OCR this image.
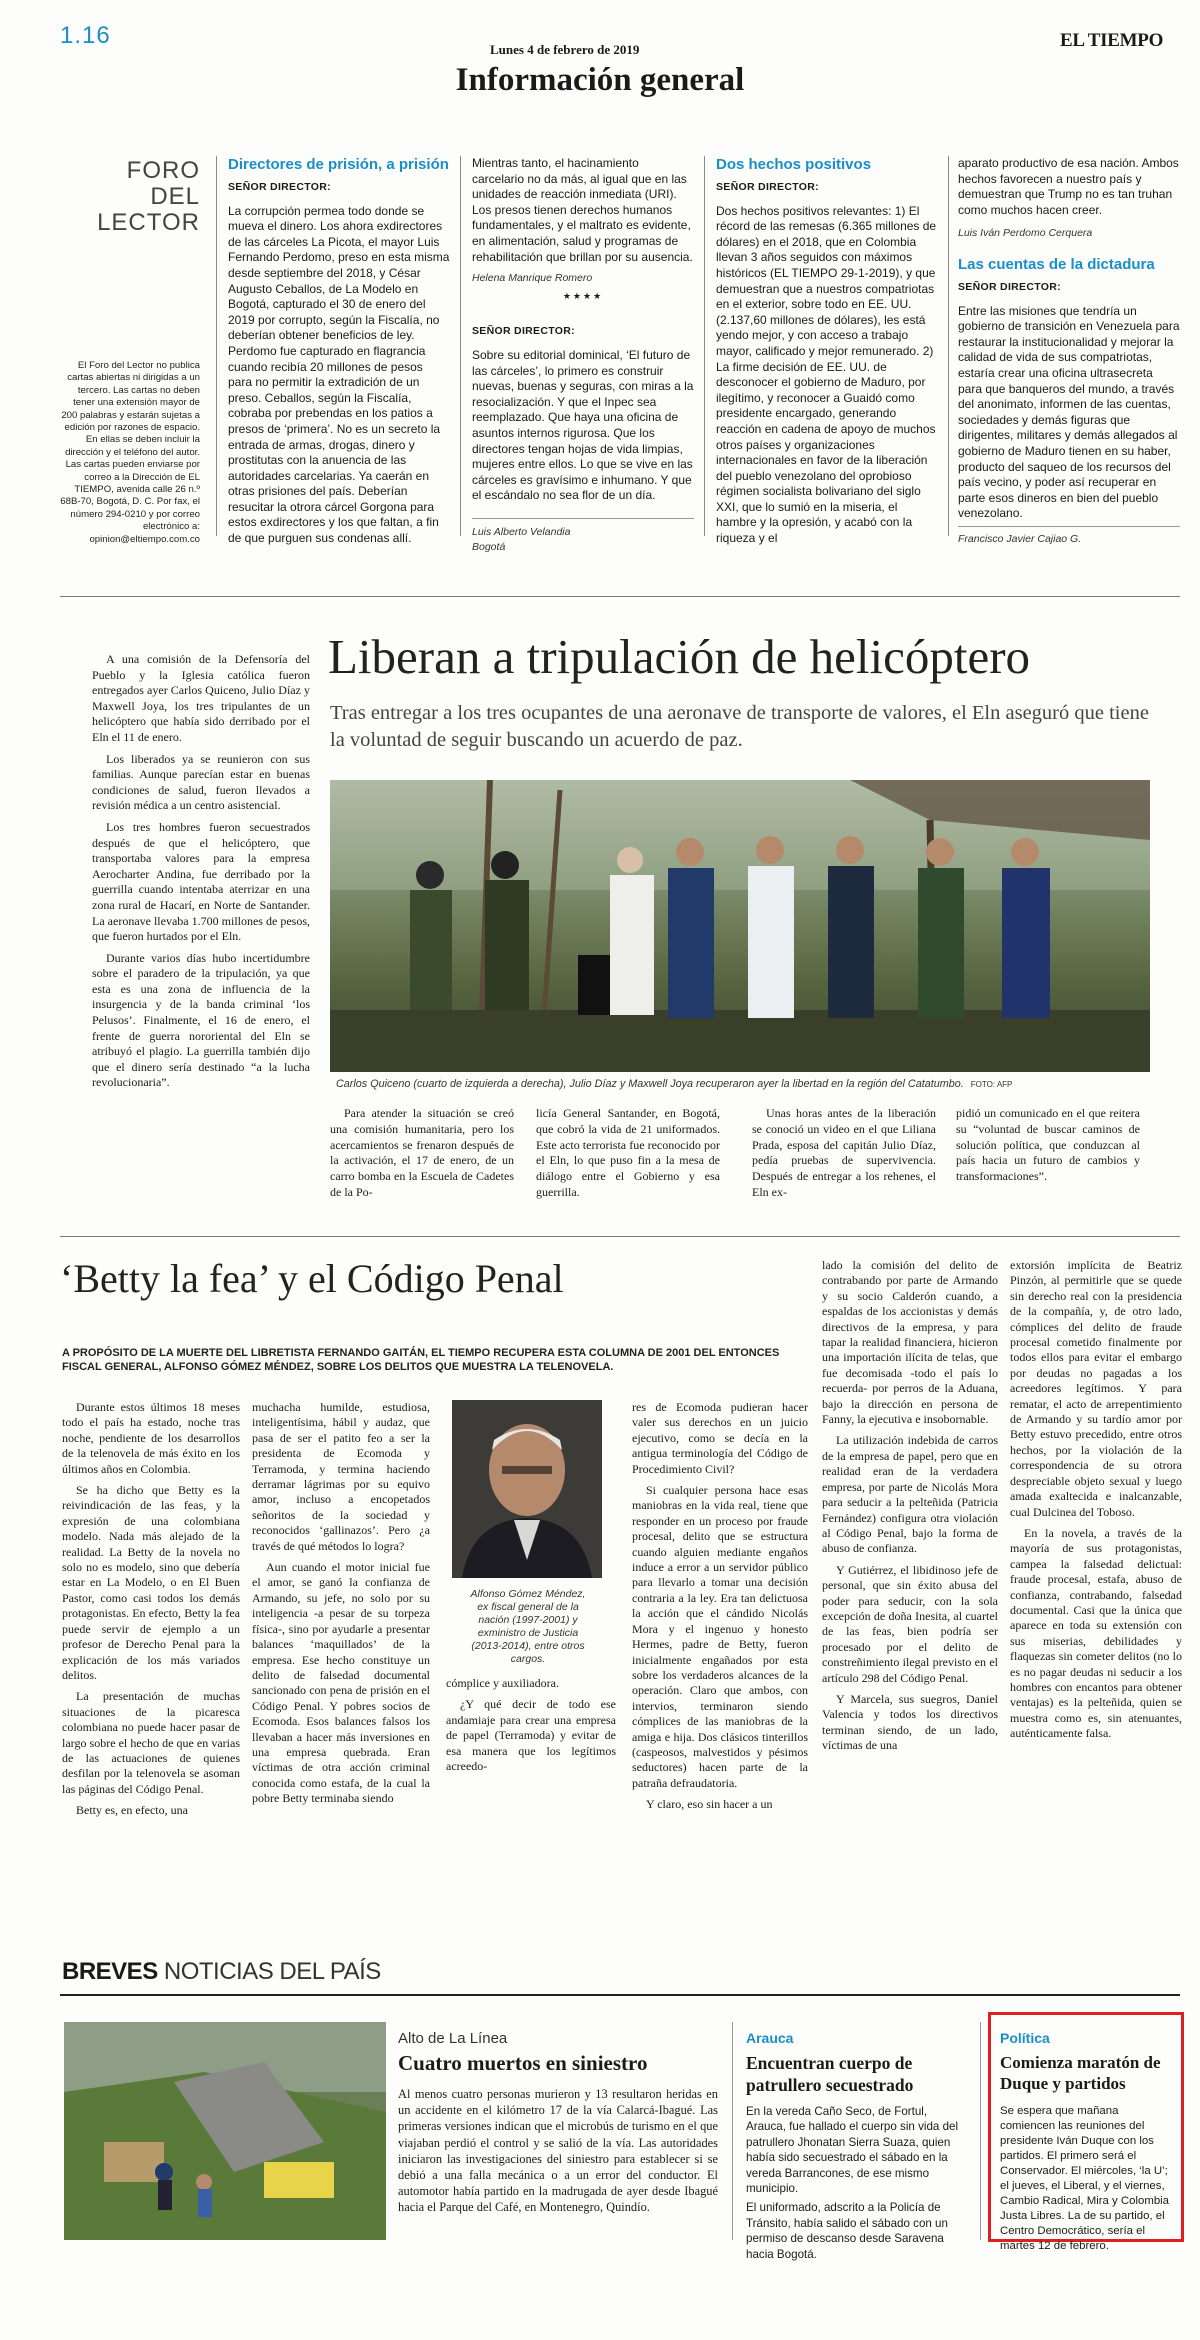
1.16
Lunes 4 de febrero de 2019	EL TIEMPO
Información general
FORO DEL
LECTOR
El Foro del Lector no publica cartas abiertas ni dirigidas a un tercero. Las cartas no deben tener una extensión mayor de 200 palabras y estarán sujetas a edición por razones de espacio. En ellas se deben incluir la dirección y el teléfono del autor. Las cartas pueden enviarse por correo a la Dirección de EL TIEMPO, avenida calle 26 n.º 68B-70, Bogotá, D. C. Por fax, el número 294-0210 y por correo electrónico a: opinion@eltiempo.com.co
Directores de prisión, a prisión
SEÑOR DIRECTOR:

La corrupción permea todo donde se mueva el dinero. Los ahora exdirectores de las cárceles La Picota, el mayor Luis Fernando Perdomo, preso en esta misma desde septiembre del 2018, y César Augusto Ceballos, de La Modelo en Bogotá, capturado el 30 de enero del 2019 por corrupto, según la Fiscalía, no deberían obtener beneficios de ley. Perdomo fue capturado en flagrancia cuando recibía 20 millones de pesos para no permitir la extradición de un preso. Ceballos, según la Fiscalía, cobraba por prebendas en los patios a presos de ‘primera’. No es un secreto la entrada de armas, drogas, dinero y prostitutas con la anuencia de las autoridades carcelarias. Ya caerán en otras prisiones del país. Deberían resucitar la otrora cárcel Gorgona para estos exdirectores y los que faltan, a fin de que purguen sus condenas allí.

Mientras tanto, el hacinamiento carcelario no da más, al igual que en las unidades de reacción inmediata (URI). Los presos tienen derechos humanos fundamentales, y el maltrato es evidente, en alimentación, salud y programas de rehabilitación que brillan por su ausencia.

Helena Manrique Romero
★★★★
SEÑOR DIRECTOR:

Sobre su editorial dominical, ‘El futuro de las cárceles’, lo primero es construir nuevas, buenas y seguras, con miras a la resocialización. Y que el Inpec sea reemplazado. Que haya una oficina de asuntos internos rigurosa. Que los directores tengan hojas de vida limpias, mujeres entre ellos. Lo que se vive en las cárceles es gravísimo e inhumano. Y que el escándalo no sea flor de un día.

Luis Alberto Velandia
Bogotá
Dos hechos positivos
SEÑOR DIRECTOR:

Dos hechos positivos relevantes: 1) El récord de las remesas (6.365 millones de dólares) en el 2018, que en Colombia llevan 3 años seguidos con máximos históricos (EL TIEMPO 29-1-2019), y que demuestran que a nuestros compatriotas en el exterior, sobre todo en EE. UU. (2.137,60 millones de dólares), les está yendo mejor, y con acceso a trabajo mayor, calificado y mejor remunerado. 2) La firme decisión de EE. UU. de desconocer el gobierno de Maduro, por ilegítimo, y reconocer a Guaidó como presidente encargado, generando reacción en cadena de apoyo de muchos otros países y organizaciones internacionales en favor de la liberación del pueblo venezolano del oprobioso régimen socialista bolivariano del siglo XXI, que lo sumió en la miseria, el hambre y la opresión, y acabó con la riqueza y el

aparato productivo de esa nación. Ambos hechos favorecen a nuestro país y demuestran que Trump no es tan truhan como muchos hacen creer.

Luis Iván Perdomo Cerquera
Las cuentas de la dictadura
SEÑOR DIRECTOR:

Entre las misiones que tendría un gobierno de transición en Venezuela para restaurar la institucionalidad y mejorar la calidad de vida de sus compatriotas, estaría crear una oficina ultrasecreta para que banqueros del mundo, a través del anonimato, informen de las cuentas, sociedades y demás figuras que dirigentes, militares y demás allegados al gobierno de Maduro tienen en su haber, producto del saqueo de los recursos del país vecino, y poder así recuperar en parte esos dineros en bien del pueblo venezolano.

Francisco Javier Cajiao G.

A una comisión de la Defensoría del Pueblo y la Iglesia católica fueron entregados ayer Carlos Quiceno, Julio Díaz y Maxwell Joya, los tres tripulantes de un helicóptero que había sido derribado por el Eln el 11 de enero.

Los liberados ya se reunieron con sus familias. Aunque parecían estar en buenas condiciones de salud, fueron llevados a revisión médica a un centro asistencial.

Los tres hombres fueron secuestrados después de que el helicóptero, que transportaba valores para la empresa Aerocharter Andina, fue derribado por la guerrilla cuando intentaba aterrizar en una zona rural de Hacarí, en Norte de Santander. La aeronave llevaba 1.700 millones de pesos, que fueron hurtados por el Eln.

Durante varios días hubo incertidumbre sobre el paradero de la tripulación, ya que esta es una zona de influencia de la insurgencia y de la banda criminal ‘los Pelusos’. Finalmente, el 16 de enero, el frente de guerra nororiental del Eln se atribuyó el plagio. La guerrilla también dijo que el dinero sería destinado “a la lucha revolucionaria”.

Liberan a tripulación de helicóptero
Tras entregar a los tres ocupantes de una aeronave de transporte de valores, el Eln aseguró que tiene la voluntad de seguir buscando un acuerdo de paz.
Carlos Quiceno (cuarto de izquierda a derecha), Julio Díaz y Maxwell Joya recuperaron ayer la libertad en la región del Catatumbo. FOTO: AFP
Para atender la situación se creó una comisión humanitaria, pero los acercamientos se frenaron después de la activación, el 17 de enero, de un carro bomba en la Escuela de Cadetes de la Po-
licía General Santander, en Bogotá, que cobró la vida de 21 uniformados. Este acto terrorista fue reconocido por el Eln, lo que puso fin a la mesa de diálogo entre el Gobierno y esa guerrilla.
Unas horas antes de la liberación se conoció un video en el que Liliana Prada, esposa del capitán Julio Díaz, pedía pruebas de supervivencia. Después de entregar a los rehenes, el Eln ex-
pidió un comunicado en el que reitera su “voluntad de buscar caminos de solución política, que conduzcan al país hacia un futuro de cambios y transformaciones”.
‘Betty la fea’ y el Código Penal
A PROPÓSITO DE LA MUERTE DEL LIBRETISTA FERNANDO GAITÁN, EL TIEMPO RECUPERA ESTA COLUMNA DE 2001 DEL ENTONCES FISCAL GENERAL, ALFONSO GÓMEZ MÉNDEZ, SOBRE LOS DELITOS QUE MUESTRA LA TELENOVELA.

Durante estos últimos 18 meses todo el país ha estado, noche tras noche, pendiente de los desarrollos de la telenovela de más éxito en los últimos años en Colombia.

Se ha dicho que Betty es la reivindicación de las feas, y la expresión de una colombiana modelo. Nada más alejado de la realidad. La Betty de la novela no solo no es modelo, sino que debería estar en La Modelo, o en El Buen Pastor, como casi todos los demás protagonistas. En efecto, Betty la fea puede servir de ejemplo a un profesor de Derecho Penal para la explicación de los más variados delitos.

La presentación de muchas situaciones de la picaresca colombiana no puede hacer pasar de largo sobre el hecho de que en varias de las actuaciones de quienes desfilan por la telenovela se asoman las páginas del Código Penal.

Betty es, en efecto, una

muchacha humilde, estudiosa, inteligentísima, hábil y audaz, que pasa de ser el patito feo a ser la presidenta de Ecomoda y Terramoda, y termina haciendo derramar lágrimas por su equivo amor, incluso a encopetados señoritos de la sociedad y reconocidos ‘gallinazos’. Pero ¿a través de qué métodos lo logra?

Aun cuando el motor inicial fue el amor, se ganó la confianza de Armando, su jefe, no solo por su inteligencia -a pesar de su torpeza física-, sino por ayudarle a presentar balances ‘maquillados’ de la empresa. Ese hecho constituye un delito de falsedad documental sancionado con pena de prisión en el Código Penal. Y pobres socios de Ecomoda. Esos balances falsos los llevaban a hacer más inversiones en una empresa quebrada. Eran víctimas de otra acción criminal conocida como estafa, de la cual la pobre Betty terminaba siendo

Alfonso Gómez Méndez, ex fiscal general de la nación (1997-2001) y exministro de Justicia (2013-2014), entre otros cargos.

cómplice y auxiliadora.

¿Y qué decir de todo ese andamiaje para crear una empresa de papel (Terramoda) y evitar de esa manera que los legítimos acreedo-

res de Ecomoda pudieran hacer valer sus derechos en un juicio ejecutivo, como se decía en la antigua terminología del Código de Procedimiento Civil?

Si cualquier persona hace esas maniobras en la vida real, tiene que responder en un proceso por fraude procesal, delito que se estructura cuando alguien mediante engaños induce a error a un servidor público para llevarlo a tomar una decisión contraria a la ley. Era tan delictuosa la acción que el cándido Nicolás Mora y el ingenuo y honesto Hermes, padre de Betty, fueron inicialmente engañados por esta sobre los verdaderos alcances de la operación. Claro que ambos, con intervios, terminaron siendo cómplices de las maniobras de la amiga e hija. Dos clásicos tinterillos (caspeosos, malvestidos y pésimos seductores) hacen parte de la patraña defraudatoria.

Y claro, eso sin hacer a un

lado la comisión del delito de contrabando por parte de Armando y su socio Calderón cuando, a espaldas de los accionistas y demás directivos de la empresa, y para tapar la realidad financiera, hicieron una importación ilícita de telas, que fue decomisada -todo el país lo recuerda- por perros de la Aduana, bajo la dirección en persona de Fanny, la ejecutiva e insobornable.

La utilización indebida de carros de la empresa de papel, pero que en realidad eran de la verdadera empresa, por parte de Nicolás Mora para seducir a la pelteñida (Patricia Fernández) configura otra violación al Código Penal, bajo la forma de abuso de confianza.

Y Gutiérrez, el libidinoso jefe de personal, que sin éxito abusa del poder para seducir, con la sola excepción de doña Inesita, al cuartel de las feas, bien podría ser procesado por el delito de constreñimiento ilegal previsto en el artículo 298 del Código Penal.

Y Marcela, sus suegros, Daniel Valencia y todos los directivos terminan siendo, de un lado, víctimas de una

extorsión implícita de Beatriz Pinzón, al permitirle que se quede sin derecho real con la presidencia de la compañía, y, de otro lado, cómplices del delito de fraude procesal cometido finalmente por todos ellos para evitar el embargo por deudas no pagadas a los acreedores legítimos. Y para rematar, el acto de arrepentimiento de Armando y su tardío amor por Betty estuvo precedido, entre otros hechos, por la violación de la correspondencia de su otrora despreciable objeto sexual y luego amada exaltecida e inalcanzable, cual Dulcinea del Toboso.

En la novela, a través de la mayoría de sus protagonistas, campea la falsedad delictual: fraude procesal, estafa, abuso de confianza, contrabando, falsedad documental. Casi que la única que aparece en toda su extensión con sus miserias, debilidades y flaquezas sin cometer delitos (no lo es no pagar deudas ni seducir a los hombres con encantos para obtener ventajas) es la pelteñida, quien se muestra como es, sin atenuantes, auténticamente falsa.

BREVES NOTICIAS DEL PAÍS
Alto de La Línea
Cuatro muertos en siniestro
Al menos cuatro personas murieron y 13 resultaron heridas en un accidente en el kilómetro 17 de la vía Calarcá-Ibagué. Las primeras versiones indican que el microbús de turismo en el que viajaban perdió el control y se salió de la vía. Las autoridades iniciaron las investigaciones del siniestro para establecer si se debió a una falla mecánica o a un error del conductor. El automotor había partido en la madrugada de ayer desde Ibagué hacia el Parque del Café, en Montenegro, Quindío.
Arauca
Encuentran cuerpo de patrullero secuestrado

En la vereda Caño Seco, de Fortul, Arauca, fue hallado el cuerpo sin vida del patrullero Jhonatan Sierra Suaza, quien había sido secuestrado el sábado en la vereda Barrancones, de ese mismo municipio.

El uniformado, adscrito a la Policía de Tránsito, había salido el sábado con un permiso de descanso desde Saravena hacia Bogotá.

Política
Comienza maratón de Duque y partidos
Se espera que mañana comiencen las reuniones del presidente Iván Duque con los partidos. El primero será el Conservador. El miércoles, ‘la U’; el jueves, el Liberal, y el viernes, Cambio Radical, Mira y Colombia Justa Libres. La de su partido, el Centro Democrático, sería el martes 12 de febrero.
